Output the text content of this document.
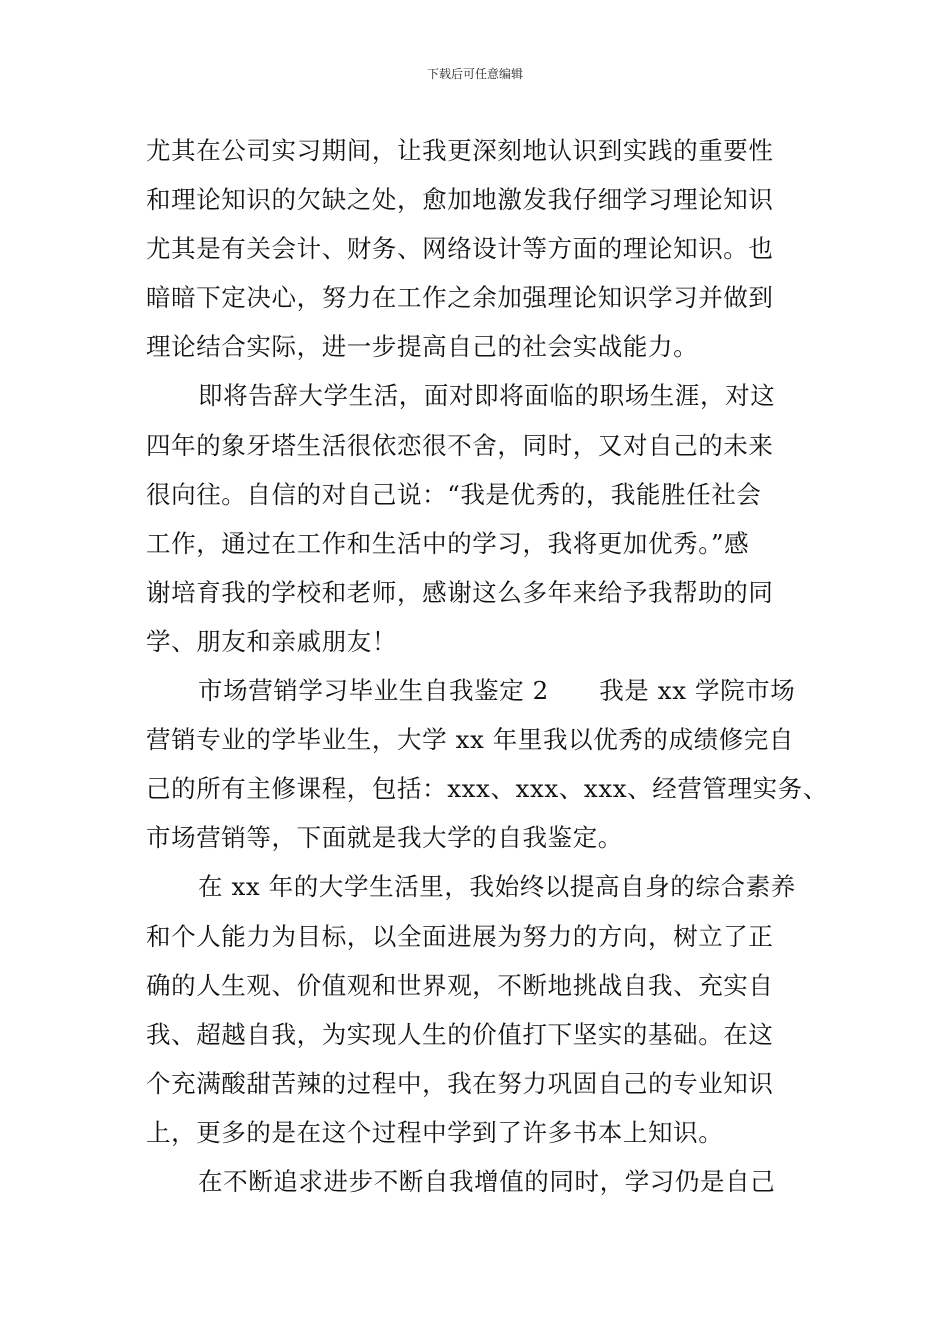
下载后可任意编辑
尤其在公司实习期间，让我更深刻地认识到实践的重要性
和理论知识的欠缺之处，愈加地激发我仔细学习理论知识
尤其是有关会计、财务、网络设计等方面的理论知识。也
暗暗下定决心，努力在工作之余加强理论知识学习并做到
理论结合实际，进一步提高自己的社会实战能力。
即将告辞大学生活，面对即将面临的职场生涯，对这
四年的象牙塔生活很依恋很不舍，同时，又对自己的未来
很向往。自信的对自己说：“我是优秀的，我能胜任社会
工作，通过在工作和生活中的学习，我将更加优秀。”感
谢培育我的学校和老师，感谢这么多年来给予我帮助的同
学、朋友和亲戚朋友！
市场营销学习毕业生自我鉴定 2      我是 xx 学院市场
营销专业的学毕业生，大学 xx 年里我以优秀的成绩修完自
己的所有主修课程，包括：xxx、xxx、xxx、经营管理实务、
市场营销等，下面就是我大学的自我鉴定。
在 xx 年的大学生活里，我始终以提高自身的综合素养
和个人能力为目标，以全面进展为努力的方向，树立了正
确的人生观、价值观和世界观，不断地挑战自我、充实自
我、超越自我，为实现人生的价值打下坚实的基础。在这
个充满酸甜苦辣的过程中，我在努力巩固自己的专业知识
上，更多的是在这个过程中学到了许多书本上知识。
在不断追求进步不断自我增值的同时，学习仍是自己
